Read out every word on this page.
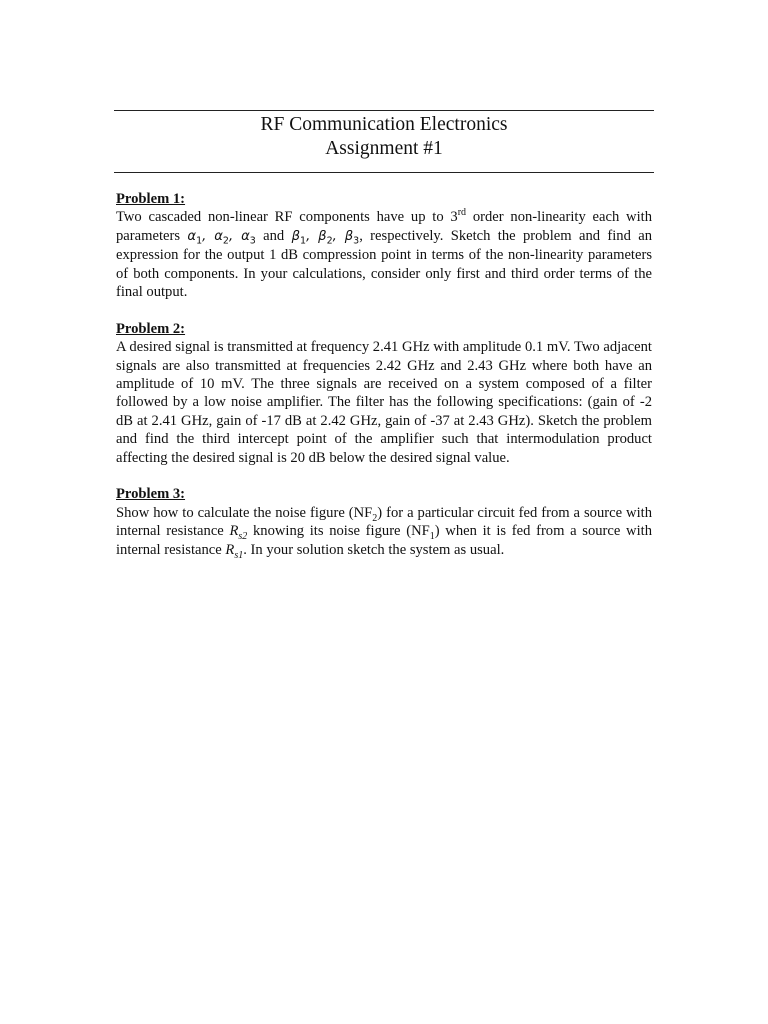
RF Communication Electronics
Assignment #1
Problem 1:
Two cascaded non-linear RF components have up to 3rd order non-linearity each with parameters $\alpha_1$, $\alpha_2$, $\alpha_3$ and $\beta_1$, $\beta_2$, $\beta_3$, respectively. Sketch the problem and find an expression for the output 1 dB compression point in terms of the non-linearity parameters of both components. In your calculations, consider only first and third order terms of the final output.
Problem 2:
A desired signal is transmitted at frequency 2.41 GHz with amplitude 0.1 mV. Two adjacent signals are also transmitted at frequencies 2.42 GHz and 2.43 GHz where both have an amplitude of 10 mV. The three signals are received on a system composed of a filter followed by a low noise amplifier. The filter has the following specifications: (gain of -2 dB at 2.41 GHz, gain of -17 dB at 2.42 GHz, gain of -37 at 2.43 GHz). Sketch the problem and find the third intercept point of the amplifier such that intermodulation product affecting the desired signal is 20 dB below the desired signal value.
Problem 3:
Show how to calculate the noise figure $(NF_2)$ for a particular circuit fed from a source with internal resistance $R_{s2}$ knowing its noise figure $(NF_1)$ when it is fed from a source with internal resistance $R_{s1}$. In your solution sketch the system as usual.
